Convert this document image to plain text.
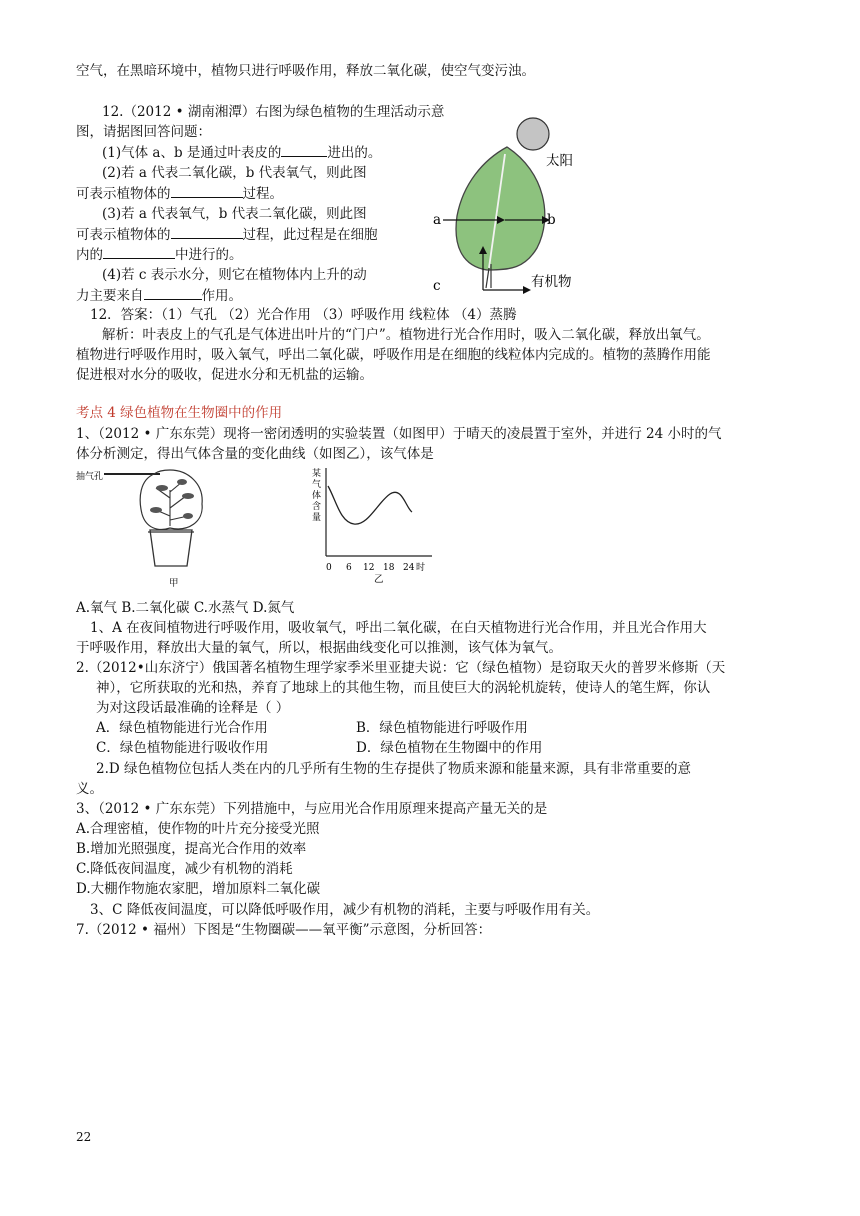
空气，在黑暗环境中，植物只进行呼吸作用，释放二氧化碳，使空气变污浊。
12.（2012 • 湖南湘潭）右图为绿色植物的生理活动示意
图，请据图回答问题：
(1)气体 a、b 是通过叶表皮的	进出的。
(2)若 a 代表二氧化碳，b 代表氧气，则此图
可表示植物体的	过程。
(3)若 a 代表氧气，b 代表二氧化碳，则此图
可表示植物体的	过程，此过程是在细胞
内的	中进行的。
(4)若 c 表示水分，则它在植物体内上升的动
力主要来自	作用。
太阳
a	b
c	有机物
12．答案：（1）气孔 （2）光合作用 （3）呼吸作用 线粒体 （4）蒸腾
解析：叶表皮上的气孔是气体进出叶片的“门户”。植物进行光合作用时，吸入二氧化碳，释放出氧气。
植物进行呼吸作用时，吸入氧气，呼出二氧化碳，呼吸作用是在细胞的线粒体内完成的。植物的蒸腾作用能
促进根对水分的吸收，促进水分和无机盐的运输。
考点 4 绿色植物在生物圈中的作用
1、（2012 • 广东东莞）现将一密闭透明的实验装置（如图甲）于晴天的凌晨置于室外，并进行 24 小时的气
体分析测定，得出气体含量的变化曲线（如图乙），该气体是
抽气孔
甲
某气体含量
0 6 12 18 24 时
乙
A.氧气 B.二氧化碳 C.水蒸气 D.氮气
1、A 在夜间植物进行呼吸作用，吸收氧气，呼出二氧化碳，在白天植物进行光合作用，并且光合作用大
于呼吸作用，释放出大量的氧气，所以，根据曲线变化可以推测，该气体为氧气。
2.（2012•山东济宁）俄国著名植物生理学家季米里亚捷夫说：它（绿色植物）是窃取天火的普罗米修斯（天
神），它所获取的光和热，养育了地球上的其他生物，而且使巨大的涡轮机旋转，使诗人的笔生辉，你认
为对这段话最准确的诠释是（ ）
A．绿色植物能进行光合作用	B．绿色植物能进行呼吸作用
C．绿色植物能进行吸收作用	D．绿色植物在生物圈中的作用
2.D 绿色植物位包括人类在内的几乎所有生物的生存提供了物质来源和能量来源，具有非常重要的意
义。
3、（2012 • 广东东莞）下列措施中，与应用光合作用原理来提高产量无关的是
A.合理密植，使作物的叶片充分接受光照
B.增加光照强度，提高光合作用的效率
C.降低夜间温度，减少有机物的消耗
D.大棚作物施农家肥，增加原料二氧化碳
3、C 降低夜间温度，可以降低呼吸作用，减少有机物的消耗，主要与呼吸作用有关。
7.（2012 • 福州）下图是“生物圈碳——氧平衡”示意图，分析回答：
22
